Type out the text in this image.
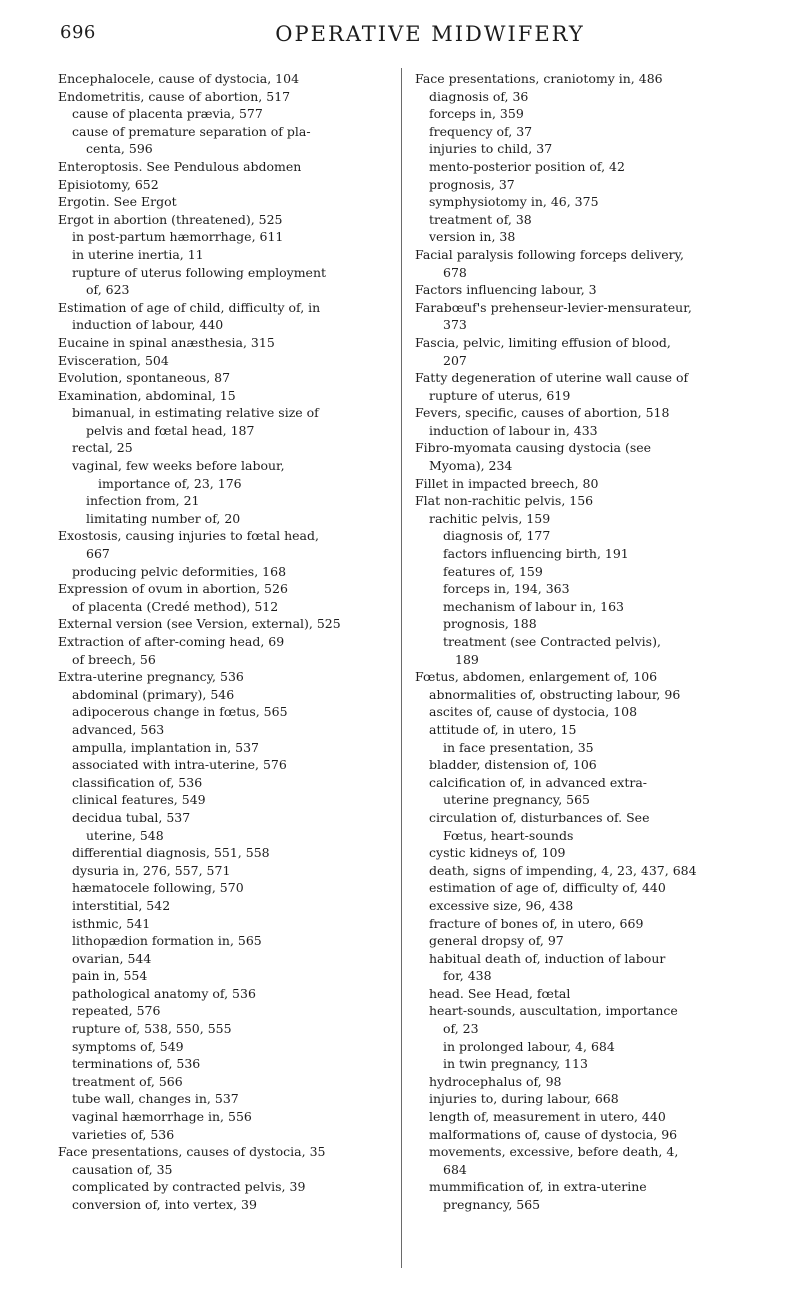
696	OPERATIVE MIDWIFERY
Encephalocele, cause of dystocia, 104
Endometritis, cause of abortion, 517
cause of placenta prævia, 577
cause of premature separation of pla-
centa, 596
Enteroptosis. See Pendulous abdomen
Episiotomy, 652
Ergotin. See Ergot
Ergot in abortion (threatened), 525
in post-partum hæmorrhage, 611
in uterine inertia, 11
rupture of uterus following employment
of, 623
Estimation of age of child, difficulty of, in
induction of labour, 440
Eucaine in spinal anæsthesia, 315
Evisceration, 504
Evolution, spontaneous, 87
Examination, abdominal, 15
bimanual, in estimating relative size of
pelvis and fœtal head, 187
rectal, 25
vaginal, few weeks before labour,
importance of, 23, 176
infection from, 21
limitating number of, 20
Exostosis, causing injuries to fœtal head,
667
producing pelvic deformities, 168
Expression of ovum in abortion, 526
of placenta (Credé method), 512
External version (see Version, external), 525
Extraction of after-coming head, 69
of breech, 56
Extra-uterine pregnancy, 536
abdominal (primary), 546
adipocerous change in fœtus, 565
advanced, 563
ampulla, implantation in, 537
associated with intra-uterine, 576
classification of, 536
clinical features, 549
decidua tubal, 537
uterine, 548
differential diagnosis, 551, 558
dysuria in, 276, 557, 571
hæmatocele following, 570
interstitial, 542
isthmic, 541
lithopædion formation in, 565
ovarian, 544
pain in, 554
pathological anatomy of, 536
repeated, 576
rupture of, 538, 550, 555
symptoms of, 549
terminations of, 536
treatment of, 566
tube wall, changes in, 537
vaginal hæmorrhage in, 556
varieties of, 536
Face presentations, causes of dystocia, 35
causation of, 35
complicated by contracted pelvis, 39
conversion of, into vertex, 39
Face presentations, craniotomy in, 486
diagnosis of, 36
forceps in, 359
frequency of, 37
injuries to child, 37
mento-posterior position of, 42
prognosis, 37
symphysiotomy in, 46, 375
treatment of, 38
version in, 38
Facial paralysis following forceps delivery,
678
Factors influencing labour, 3
Farabœuf's prehenseur-levier-mensurateur,
373
Fascia, pelvic, limiting effusion of blood,
207
Fatty degeneration of uterine wall cause of
rupture of uterus, 619
Fevers, specific, causes of abortion, 518
induction of labour in, 433
Fibro-myomata causing dystocia (see
Myoma), 234
Fillet in impacted breech, 80
Flat non-rachitic pelvis, 156
rachitic pelvis, 159
diagnosis of, 177
factors influencing birth, 191
features of, 159
forceps in, 194, 363
mechanism of labour in, 163
prognosis, 188
treatment (see Contracted pelvis),
189
Fœtus, abdomen, enlargement of, 106
abnormalities of, obstructing labour, 96
ascites of, cause of dystocia, 108
attitude of, in utero, 15
in face presentation, 35
bladder, distension of, 106
calcification of, in advanced extra-
uterine pregnancy, 565
circulation of, disturbances of. See
Fœtus, heart-sounds
cystic kidneys of, 109
death, signs of impending, 4, 23, 437, 684
estimation of age of, difficulty of, 440
excessive size, 96, 438
fracture of bones of, in utero, 669
general dropsy of, 97
habitual death of, induction of labour
for, 438
head. See Head, fœtal
heart-sounds, auscultation, importance
of, 23
in prolonged labour, 4, 684
in twin pregnancy, 113
hydrocephalus of, 98
injuries to, during labour, 668
length of, measurement in utero, 440
malformations of, cause of dystocia, 96
movements, excessive, before death, 4,
684
mummification of, in extra-uterine
pregnancy, 565
